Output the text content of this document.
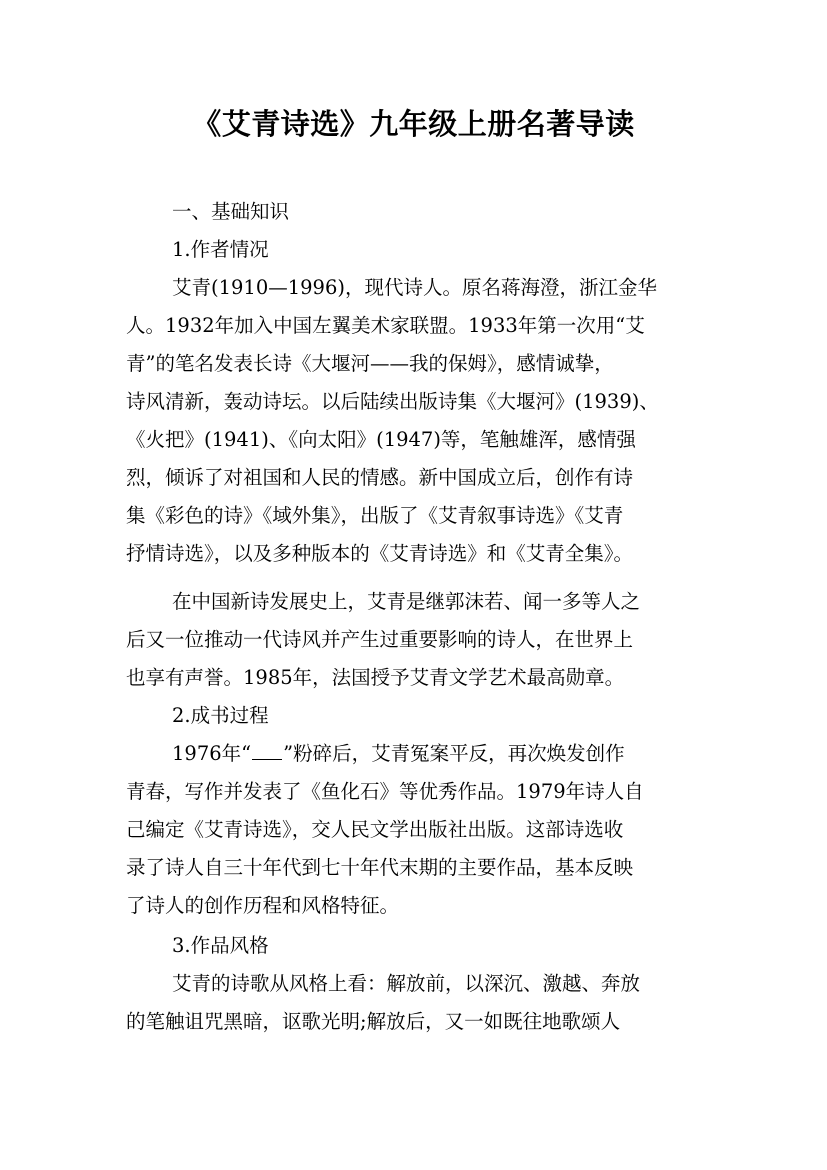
《艾青诗选》九年级上册名著导读
一、基础知识
1.作者情况
艾青(1910—1996)，现代诗人。原名蒋海澄，浙江金华
人。1932年加入中国左翼美术家联盟。1933年第一次用“艾
青”的笔名发表长诗《大堰河——我的保姆》，感情诚挚，
诗风清新，轰动诗坛。以后陆续出版诗集《大堰河》(1939)、
《火把》(1941)、《向太阳》(1947)等，笔触雄浑，感情强
烈，倾诉了对祖国和人民的情感。新中国成立后，创作有诗
集《彩色的诗》《域外集》，出版了《艾青叙事诗选》《艾青
抒情诗选》，以及多种版本的《艾青诗选》和《艾青全集》。
在中国新诗发展史上，艾青是继郭沫若、闻一多等人之
后又一位推动一代诗风并产生过重要影响的诗人，在世界上
也享有声誉。1985年，法国授予艾青文学艺术最高勋章。
2.成书过程
1976年“ ”粉碎后，艾青冤案平反，再次焕发创作
青春，写作并发表了《鱼化石》等优秀作品。1979年诗人自
己编定《艾青诗选》，交人民文学出版社出版。这部诗选收
录了诗人自三十年代到七十年代末期的主要作品，基本反映
了诗人的创作历程和风格特征。
3.作品风格
艾青的诗歌从风格上看：解放前，以深沉、激越、奔放
的笔触诅咒黑暗，讴歌光明;解放后，又一如既往地歌颂人
